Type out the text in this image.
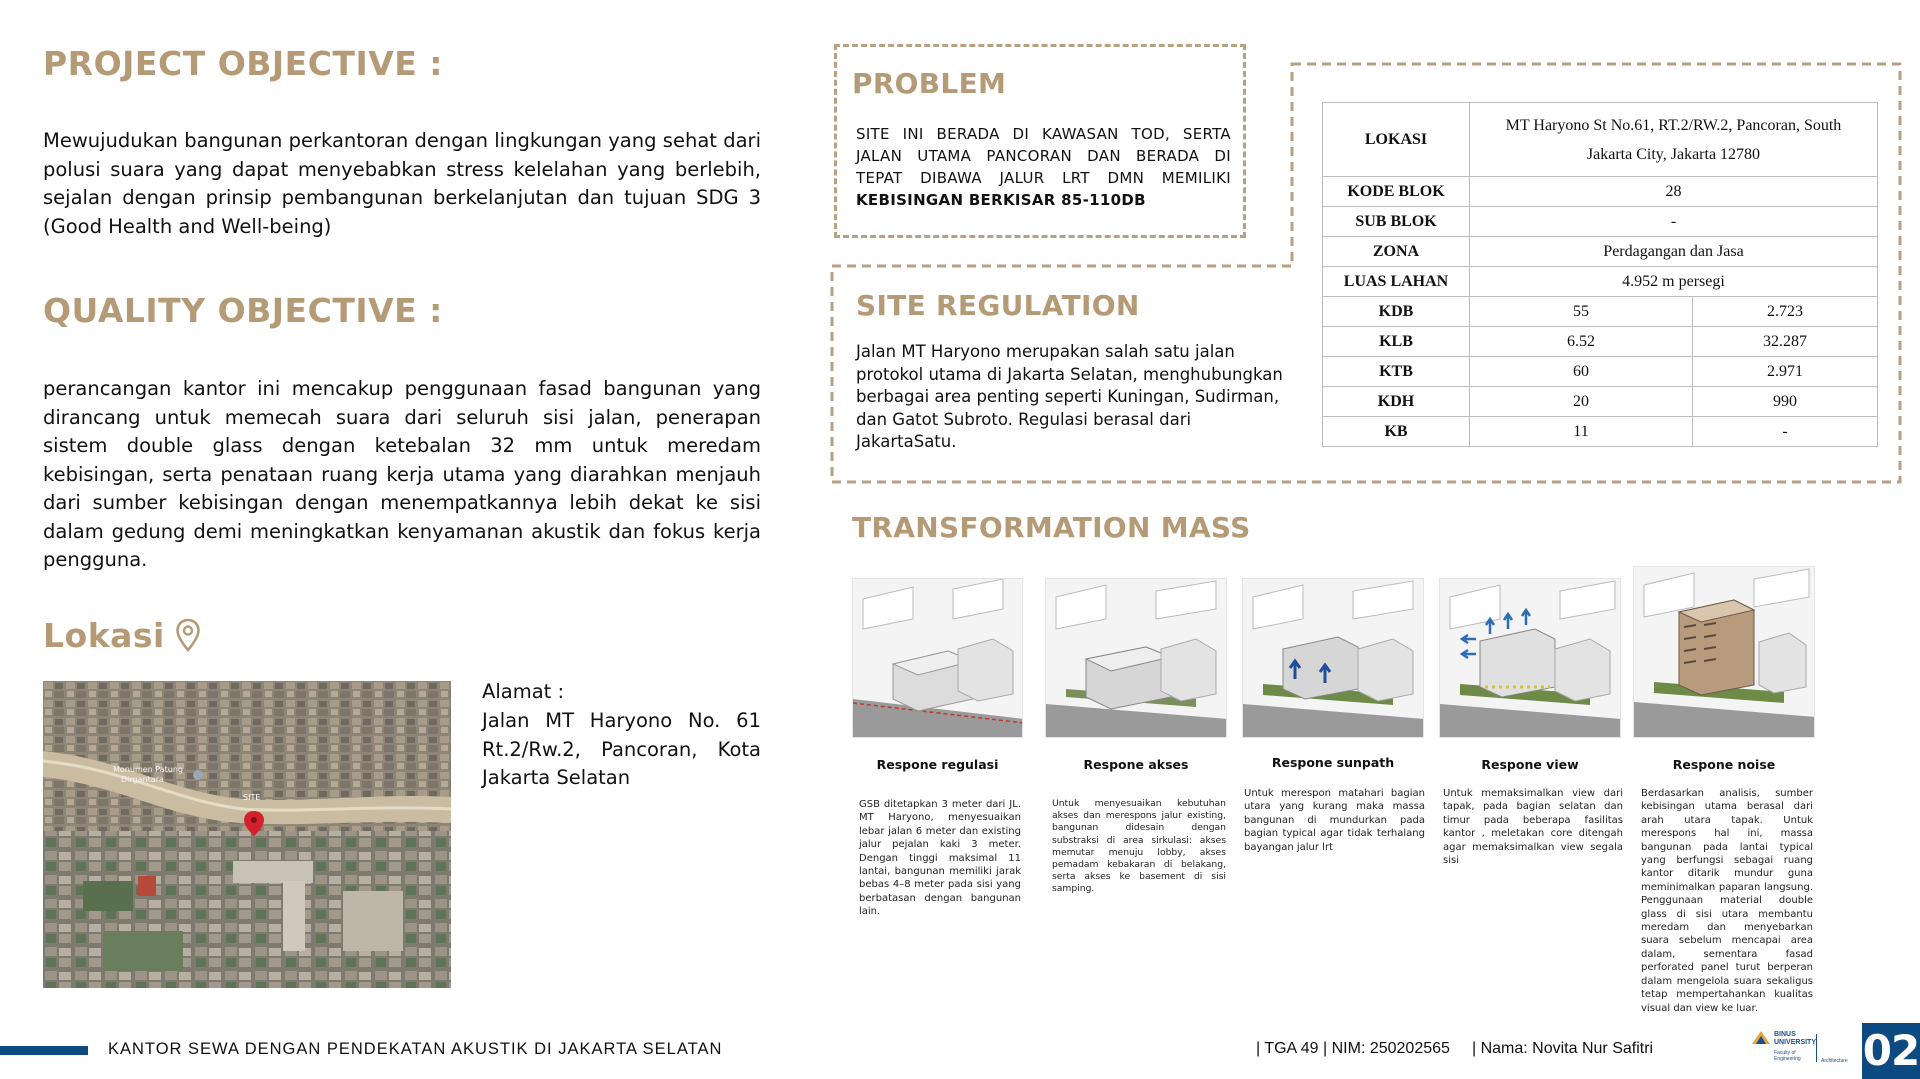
PROJECT OBJECTIVE :
Mewujudukan bangunan perkantoran dengan lingkungan yang sehat dari polusi suara yang dapat menyebabkan stress kelelahan yang berlebih, sejalan dengan prinsip pembangunan berkelanjutan dan tujuan SDG 3 (Good Health and Well-being)
QUALITY OBJECTIVE :
perancangan kantor ini mencakup penggunaan fasad bangunan yang dirancang untuk memecah suara dari seluruh sisi jalan, penerapan sistem double glass dengan ketebalan 32 mm untuk meredam kebisingan, serta penataan ruang kerja utama yang diarahkan menjauh dari sumber kebisingan dengan menempatkannya lebih dekat ke sisi dalam gedung demi meningkatkan kenyamanan akustik dan fokus kerja pengguna.
Lokasi
Monumen Patung
Dirgantara
SITE
Alamat :
Jalan MT Haryono No. 61 Rt.2/Rw.2, Pancoran, Kota Jakarta Selatan
PROBLEM
SITE INI BERADA DI KAWASAN TOD, SERTA JALAN UTAMA PANCORAN DAN BERADA DI TEPAT DIBAWA JALUR LRT DMN MEMILIKI KEBISINGAN BERKISAR 85-110DB
SITE REGULATION
Jalan MT Haryono merupakan salah satu jalan protokol utama di Jakarta Selatan, menghubungkan berbagai area penting seperti Kuningan, Sudirman, dan Gatot Subroto. Regulasi berasal dari JakartaSatu.
LOKASI	MT Haryono St No.61, RT.2/RW.2, Pancoran, South Jakarta City, Jakarta 12780	
KODE BLOK	28	
SUB BLOK	-	
ZONA	Perdagangan dan Jasa	
LUAS LAHAN	4.952 m persegi	
KDB	55	2.723
KLB	6.52	32.287
KTB	60	2.971
KDH	20	990
KB	11	-
TRANSFORMATION MASS
Respone regulasi
GSB ditetapkan 3 meter dari JL. MT Haryono, menyesuaikan lebar jalan 6 meter dan existing jalur pejalan kaki 3 meter. Dengan tinggi maksimal 11 lantai, bangunan memiliki jarak bebas 4–8 meter pada sisi yang berbatasan dengan bangunan lain.
Respone akses
Untuk menyesuaikan kebutuhan akses dan merespons jalur existing, bangunan didesain dengan substraksi di area sirkulasi: akses memutar menuju lobby, akses pemadam kebakaran di belakang, serta akses ke basement di sisi samping.
Respone sunpath
Untuk merespon matahari bagian utara yang kurang maka massa bangunan di mundurkan pada bagian typical agar tidak terhalang bayangan jalur lrt
Respone view
Untuk memaksimalkan view dari tapak, pada bagian selatan dan timur pada beberapa fasilitas kantor , meletakan core ditengah agar memaksimalkan view segala sisi
Respone noise
Berdasarkan analisis, sumber kebisingan utama berasal dari arah utara tapak. Untuk merespons hal ini, massa bangunan pada lantai typical yang berfungsi sebagai ruang kantor ditarik mundur guna meminimalkan paparan langsung. Penggunaan material double glass di sisi utara membantu meredam dan menyebarkan suara sebelum mencapai area dalam, sementara fasad perforated panel turut berperan dalam mengelola suara sekaligus tetap mempertahankan kualitas visual dan view ke luar.
KANTOR SEWA DENGAN PENDEKATAN AKUSTIK DI JAKARTA SELATAN	| TGA 49 | NIM: 250202565 | Nama: Novita Nur Safitri
BINUS UNIVERSITY
Faculty of Engineering	Architecture 02
